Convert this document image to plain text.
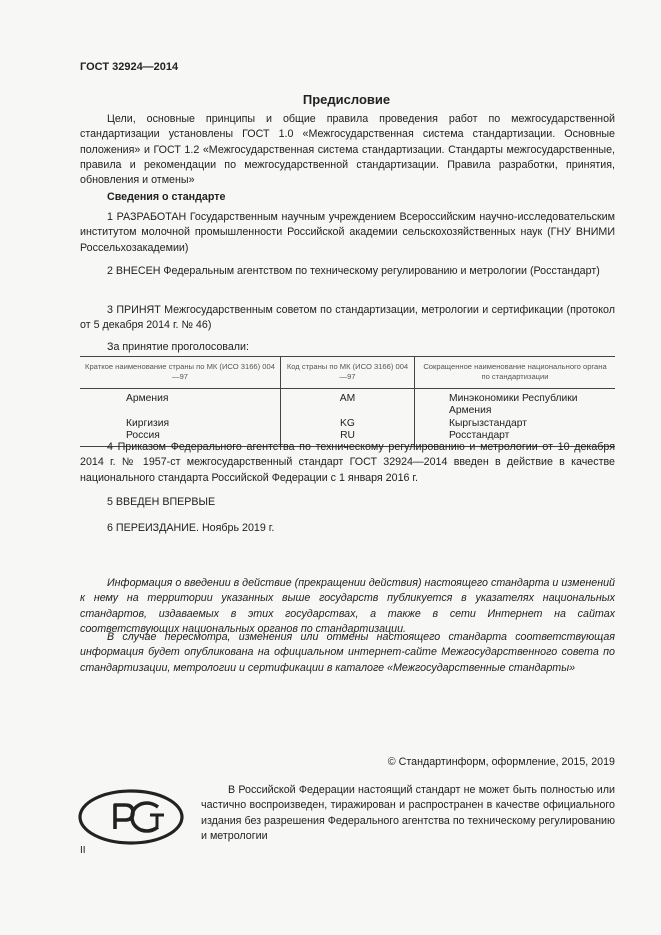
ГОСТ 32924—2014
Предисловие

Цели, основные принципы и общие правила проведения работ по межгосударственной стандартизации установлены ГОСТ 1.0 «Межгосударственная система стандартизации. Основные положения» и ГОСТ 1.2 «Межгосударственная система стандартизации. Стандарты межгосударственные, правила и рекомендации по межгосударственной стандартизации. Правила разработки, принятия, обновления и отмены»

Сведения о стандарте

1 РАЗРАБОТАН Государственным научным учреждением Всероссийским научно-исследовательским институтом молочной промышленности Российской академии сельскохозяйственных наук (ГНУ ВНИМИ Россельхозакадемии)

2 ВНЕСЕН Федеральным агентством по техническому регулированию и метрологии (Росстандарт)

3 ПРИНЯТ Межгосударственным советом по стандартизации, метрологии и сертификации (протокол от 5 декабря 2014 г. № 46)

За принятие проголосовали:

Краткое наименование страны по МК (ИСО 3166) 004—97	Код страны по МК (ИСО 3166) 004—97	Сокращенное наименование национального органа по стандартизации
Армения	AM	Минэкономики Республики Армения
Киргизия	KG	Кыргызстандарт
Россия	RU	Росстандарт

4 Приказом Федерального агентства по техническому регулированию и метрологии от 10 декабря 2014 г. № 1957-ст межгосударственный стандарт ГОСТ 32924—2014 введен в действие в качестве национального стандарта Российской Федерации с 1 января 2016 г.

5 ВВЕДЕН ВПЕРВЫЕ

6 ПЕРЕИЗДАНИЕ. Ноябрь 2019 г.

Информация о введении в действие (прекращении действия) настоящего стандарта и изменений к нему на территории указанных выше государств публикуется в указателях национальных стандартов, издаваемых в этих государствах, а также в сети Интернет на сайтах соответствующих национальных органов по стандартизации.

В случае пересмотра, изменения или отмены настоящего стандарта соответствующая информация будет опубликована на официальном интернет-сайте Межгосударственного совета по стандартизации, метрологии и сертификации в каталоге «Межгосударственные стандарты»

© Стандартинформ, оформление, 2015, 2019

В Российской Федерации настоящий стандарт не может быть полностью или частично воспроизведен, тиражирован и распространен в качестве официального издания без разрешения Федерального агентства по техническому регулированию и метрологии

II
